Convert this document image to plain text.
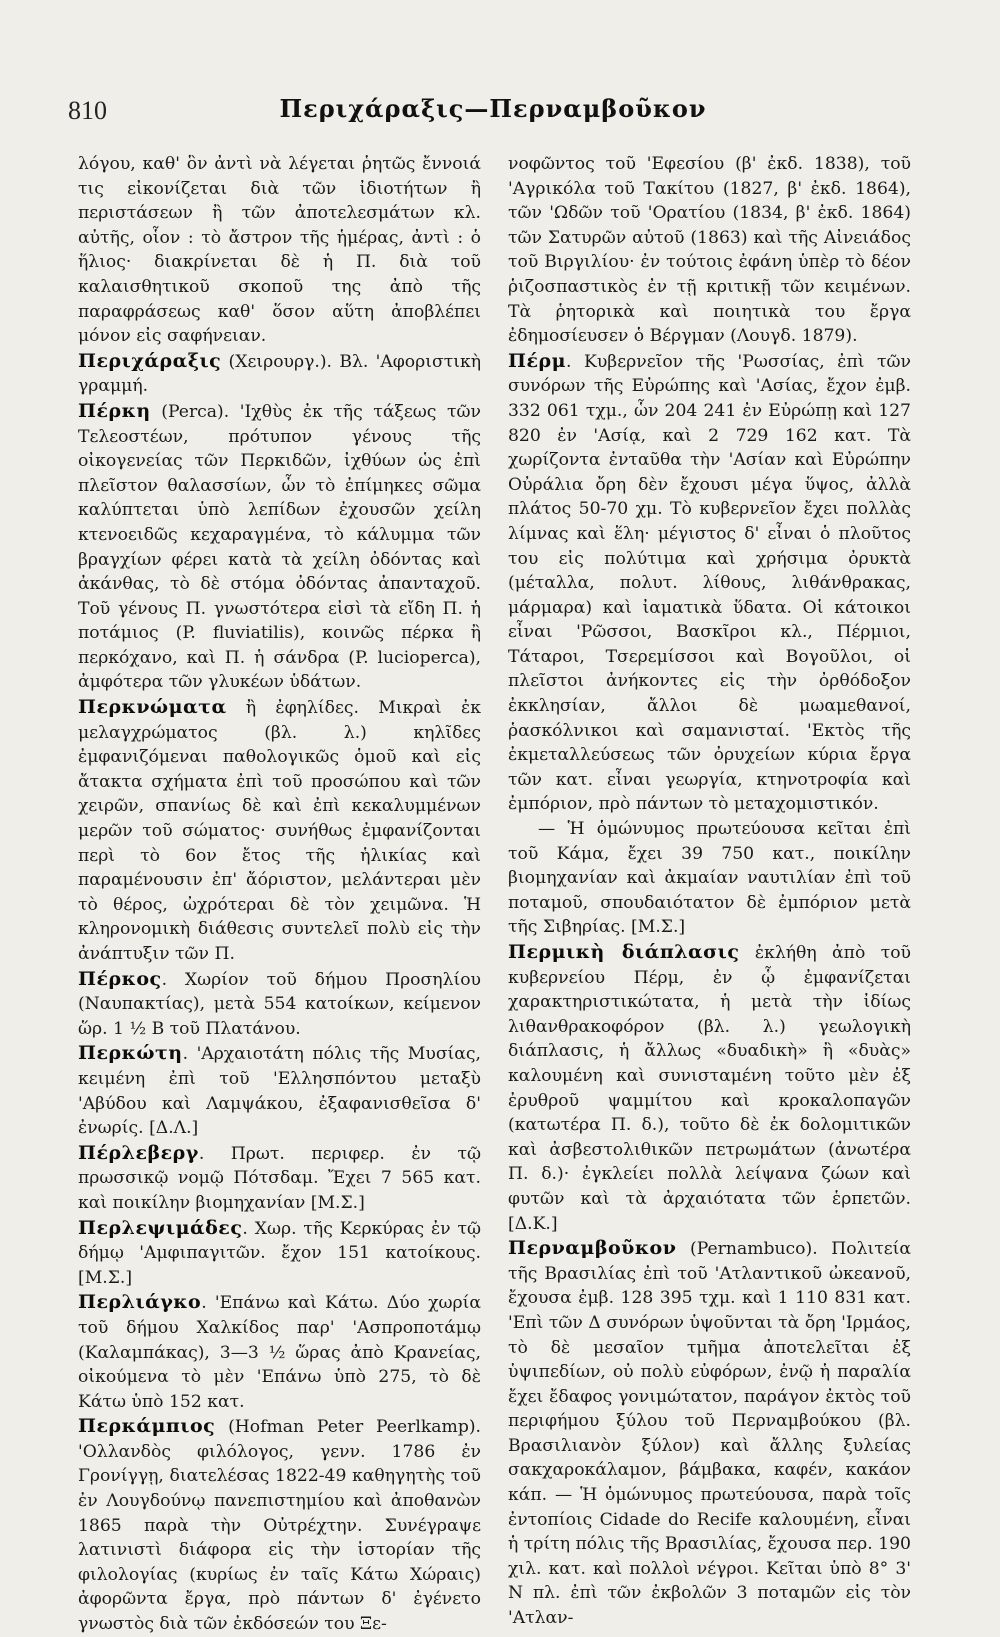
810	Περιχάραξις—Περναμβοῦκον

λόγου, καθ' ὃν ἀντὶ νὰ λέγεται ῥητῶς ἔννοιά τις εἰκονίζεται διὰ τῶν ἰδιοτήτων ἢ περιστάσεων ἢ τῶν ἀποτελεσμάτων κλ. αὐτῆς, οἷον : τὸ ἄστρον τῆς ἡμέρας, ἀντὶ : ὁ ἥλιος· διακρίνεται δὲ ἡ Π. διὰ τοῦ καλαισθητικοῦ σκοποῦ της ἀπὸ τῆς παραφράσεως καθ' ὅσον αὕτη ἀποβλέπει μόνον εἰς σαφήνειαν.

Περιχάραξις (Χειρουργ.). Βλ. 'Αφοριστικὴ γραμμή.

Πέρκη (Perca). 'Ιχθὺς ἐκ τῆς τάξεως τῶν Τελεοστέων, πρότυπον γένους τῆς οἰκογενείας τῶν Περκιδῶν, ἰχθύων ὡς ἐπὶ πλεῖστον θαλασσίων, ὧν τὸ ἐπίμηκες σῶμα καλύπτεται ὑπὸ λεπίδων ἐχουσῶν χείλη κτενοειδῶς κεχαραγμένα, τὸ κάλυμμα τῶν βραγχίων φέρει κατὰ τὰ χείλη ὀδόντας καὶ ἀκάνθας, τὸ δὲ στόμα ὀδόντας ἀπανταχοῦ. Τοῦ γένους Π. γνωστότερα εἰσὶ τὰ εἴδη Π. ἡ ποτάμιος (P. fluviatilis), κοινῶς πέρκα ἢ περκόχανο, καὶ Π. ἡ σάνδρα (P. lucioperca), ἀμφότερα τῶν γλυκέων ὑδάτων.

Περκνώματα ἢ ἐφηλίδες. Μικραὶ ἐκ μελαγχρώματος (βλ. λ.) κηλῖδες ἐμφανιζόμεναι παθολογικῶς ὁμοῦ καὶ εἰς ἄτακτα σχήματα ἐπὶ τοῦ προσώπου καὶ τῶν χειρῶν, σπανίως δὲ καὶ ἐπὶ κεκαλυμμένων μερῶν τοῦ σώματος· συνήθως ἐμφανίζονται περὶ τὸ 6ον ἔτος τῆς ἡλικίας καὶ παραμένουσιν ἐπ' ἄόριστον, μελάντεραι μὲν τὸ θέρος, ὠχρότεραι δὲ τὸν χειμῶνα. Ἡ κληρονομικὴ διάθεσις συντελεῖ πολὺ εἰς τὴν ἀνάπτυξιν τῶν Π.

Πέρκος. Χωρίον τοῦ δήμου Προσηλίου (Ναυπακτίας), μετὰ 554 κατοίκων, κείμενον ὥρ. 1 ½ Β τοῦ Πλατάνου.

Περκώτη. 'Αρχαιοτάτη πόλις τῆς Μυσίας, κειμένη ἐπὶ τοῦ 'Ελλησπόντου μεταξὺ 'Αβύδου καὶ Λαμψάκου, ἐξαφανισθεῖσα δ' ἐνωρίς. [Δ.Λ.]

Πέρλεβεργ. Πρωτ. περιφερ. ἐν τῷ πρωσσικῷ νομῷ Πότσδαμ. Ἔχει 7 565 κατ. καὶ ποικίλην βιομηχανίαν [Μ.Σ.]

Περλεψιμάδες. Χωρ. τῆς Κερκύρας ἐν τῷ δήμῳ 'Αμφιπαγιτῶν. ἔχον 151 κατοίκους. [Μ.Σ.]

Περλιάγκο. 'Επάνω καὶ Κάτω. Δύο χωρία τοῦ δήμου Χαλκίδος παρ' 'Ασπροποτάμῳ (Καλαμπάκας), 3—3 ½ ὥρας ἀπὸ Κρανείας, οἰκούμενα τὸ μὲν 'Επάνω ὑπὸ 275, τὸ δὲ Κάτω ὑπὸ 152 κατ.

Περκάμπιος (Hofman Peter Peerlkamp). 'Ολλανδὸς φιλόλογος, γενν. 1786 ἐν Γρονίγγῃ, διατελέσας 1822-49 καθηγητὴς τοῦ ἐν Λουγδούνῳ πανεπιστημίου καὶ ἀποθανὼν 1865 παρὰ τὴν Οὐτρέχτην. Συνέγραψε λατινιστὶ διάφορα εἰς τὴν ἱστορίαν τῆς φιλολογίας (κυρίως ἐν ταῖς Κάτω Χώραις) ἀφορῶντα ἔργα, πρὸ πάντων δ' ἐγένετο γνωστὸς διὰ τῶν ἐκδόσεών του Ξε-

νοφῶντος τοῦ 'Εφεσίου (β' ἐκδ. 1838), τοῦ 'Αγρικόλα τοῦ Τακίτου (1827, β' ἐκδ. 1864), τῶν 'Ωδῶν τοῦ 'Ορατίου (1834, β' ἐκδ. 1864) τῶν Σατυρῶν αὐτοῦ (1863) καὶ τῆς Αἰνειάδος τοῦ Βιργιλίου· ἐν τούτοις ἐφάνη ὑπὲρ τὸ δέον ῥιζοσπαστικὸς ἐν τῇ κριτικῇ τῶν κειμένων. Τὰ ῥητορικὰ καὶ ποιητικὰ του ἔργα ἐδημοσίευσεν ὁ Βέργμαν (Λουγδ. 1879).

Πέρμ. Κυβερνεῖον τῆς 'Ρωσσίας, ἐπὶ τῶν συνόρων τῆς Εὐρώπης καὶ 'Ασίας, ἔχον ἐμβ. 332 061 τχμ., ὧν 204 241 ἐν Εὐρώπῃ καὶ 127 820 ἐν 'Ασίᾳ, καὶ 2 729 162 κατ. Τὰ χωρίζοντα ἐνταῦθα τὴν 'Ασίαν καὶ Εὐρώπην Οὐράλια ὄρη δὲν ἔχουσι μέγα ὕψος, ἀλλὰ πλάτος 50-70 χμ. Τὸ κυβερνεῖον ἔχει πολλὰς λίμνας καὶ ἕλη· μέγιστος δ' εἶναι ὁ πλοῦτος του εἰς πολύτιμα καὶ χρήσιμα ὀρυκτὰ (μέταλλα, πολυτ. λίθους, λιθάνθρακας, μάρμαρα) καὶ ἰαματικὰ ὕδατα. Οἱ κάτοικοι εἶναι 'Ρῶσσοι, Βασκῖροι κλ., Πέρμιοι, Τάταροι, Τσερεμίσσοι καὶ Βογοῦλοι, οἱ πλεῖστοι ἀνήκοντες εἰς τὴν ὀρθόδοξον ἐκκλησίαν, ἄλλοι δὲ μωαμεθανοί, ῥασκόλνικοι καὶ σαμανισταί. 'Εκτὸς τῆς ἐκμεταλλεύσεως τῶν ὀρυχείων κύρια ἔργα τῶν κατ. εἶναι γεωργία, κτηνοτροφία καὶ ἐμπόριον, πρὸ πάντων τὸ μεταχομιστικόν.

— Ἡ ὁμώνυμος πρωτεύουσα κεῖται ἐπὶ τοῦ Κάμα, ἔχει 39 750 κατ., ποικίλην βιομηχανίαν καὶ ἀκμαίαν ναυτιλίαν ἐπὶ τοῦ ποταμοῦ, σπουδαιότατον δὲ ἐμπόριον μετὰ τῆς Σιβηρίας. [Μ.Σ.]

Περμικὴ διάπλασις ἐκλήθη ἀπὸ τοῦ κυβερνείου Πέρμ, ἐν ᾧ ἐμφανίζεται χαρακτηριστικώτατα, ἡ μετὰ τὴν ἰδίως λιθανθρακοφόρον (βλ. λ.) γεωλογικὴ διάπλασις, ἡ ἄλλως «δυαδικὴ» ἢ «δυὰς» καλουμένη καὶ συνισταμένη τοῦτο μὲν ἐξ ἐρυθροῦ ψαμμίτου καὶ κροκαλοπαγῶν (κατωτέρα Π. δ.), τοῦτο δὲ ἐκ δολομιτικῶν καὶ ἀσβεστολιθικῶν πετρωμάτων (ἀνωτέρα Π. δ.)· ἐγκλείει πολλὰ λείψανα ζώων καὶ φυτῶν καὶ τὰ ἀρχαιότατα τῶν ἑρπετῶν. [Δ.Κ.]

Περναμβοῦκον (Pernambuco). Πολιτεία τῆς Βρασιλίας ἐπὶ τοῦ 'Ατλαντικοῦ ὠκεανοῦ, ἔχουσα ἐμβ. 128 395 τχμ. καὶ 1 110 831 κατ. 'Επὶ τῶν Δ συνόρων ὑψοῦνται τὰ ὄρη 'Ιρμάος, τὸ δὲ μεσαῖον τμῆμα ἀποτελεῖται ἐξ ὑψιπεδίων, οὐ πολὺ εὐφόρων, ἐνῷ ἡ παραλία ἔχει ἔδαφος γονιμώτατον, παράγον ἐκτὸς τοῦ περιφήμου ξύλου τοῦ Περναμβούκου (βλ. Βρασιλιανὸν ξύλον) καὶ ἄλλης ξυλείας σακχαροκάλαμον, βάμβακα, καφέν, κακάον κάπ. — Ἡ ὁμώνυμος πρωτεύουσα, παρὰ τοῖς ἐντοπίοις Cidade do Recife καλουμένη, εἶναι ἡ τρίτη πόλις τῆς Βρασιλίας, ἔχουσα περ. 190 χιλ. κατ. καὶ πολλοὶ νέγροι. Κεῖται ὑπὸ 8° 3' Ν πλ. ἐπὶ τῶν ἐκβολῶν 3 ποταμῶν εἰς τὸν 'Ατλαν-
